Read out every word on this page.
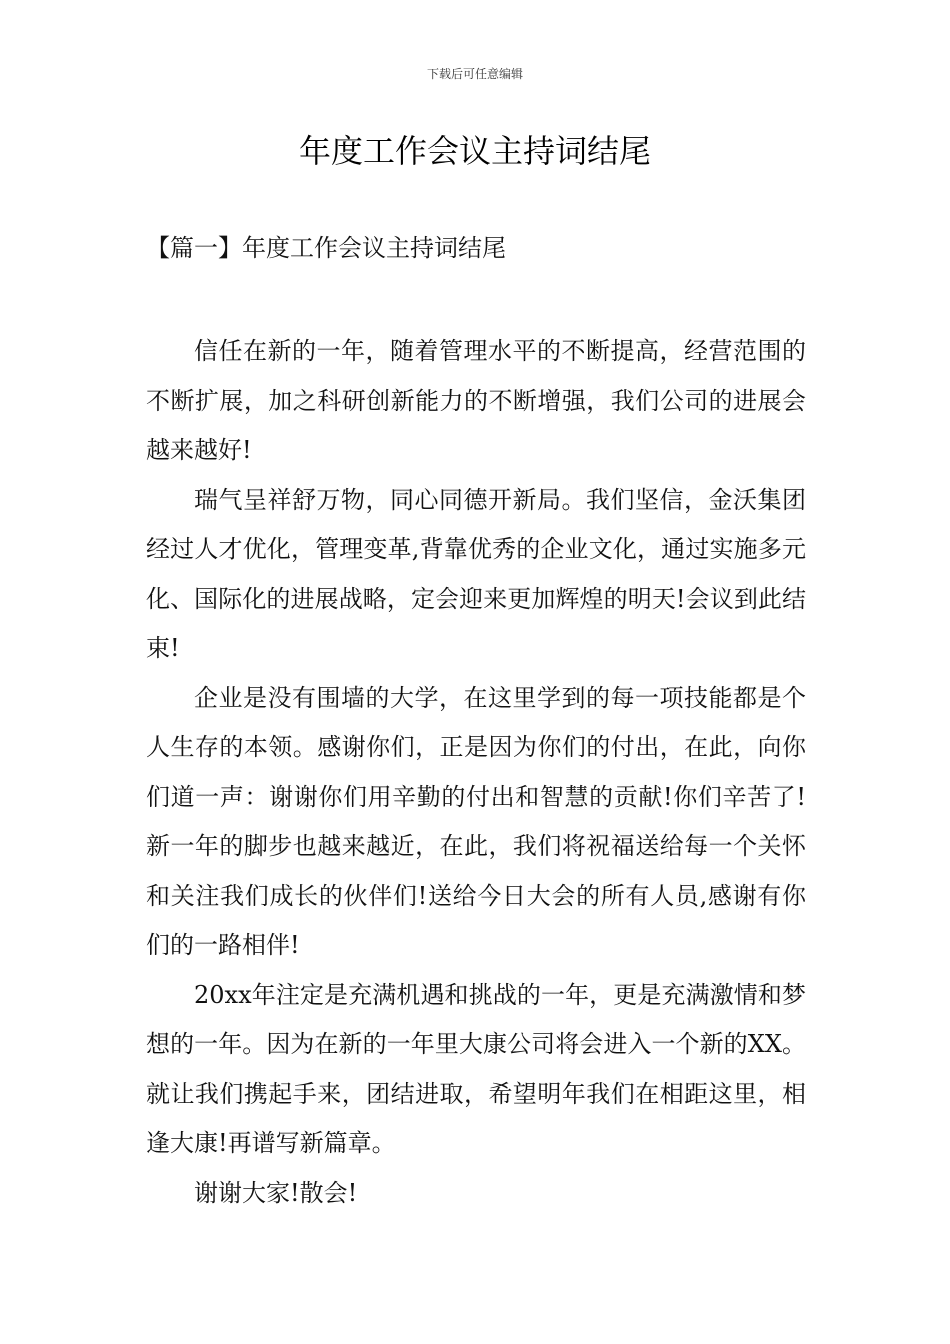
下载后可任意编辑
年度工作会议主持词结尾
【篇一】年度工作会议主持词结尾

信任在新的一年，随着管理水平的不断提高，经营范围的不断扩展，加之科研创新能力的不断增强，我们公司的进展会越来越好!

瑞气呈祥舒万物，同心同德开新局。我们坚信，金沃集团经过人才优化，管理变革,背靠优秀的企业文化，通过实施多元化、国际化的进展战略，定会迎来更加辉煌的明天!会议到此结束!

企业是没有围墙的大学，在这里学到的每一项技能都是个人生存的本领。感谢你们，正是因为你们的付出，在此，向你们道一声：谢谢你们用辛勤的付出和智慧的贡献!你们辛苦了!新一年的脚步也越来越近，在此，我们将祝福送给每一个关怀和关注我们成长的伙伴们!送给今日大会的所有人员,感谢有你们的一路相伴!

20xx年注定是充满机遇和挑战的一年，更是充满激情和梦想的一年。因为在新的一年里大康公司将会进入一个新的XX。就让我们携起手来，团结进取，希望明年我们在相距这里，相逢大康!再谱写新篇章。

谢谢大家!散会!
